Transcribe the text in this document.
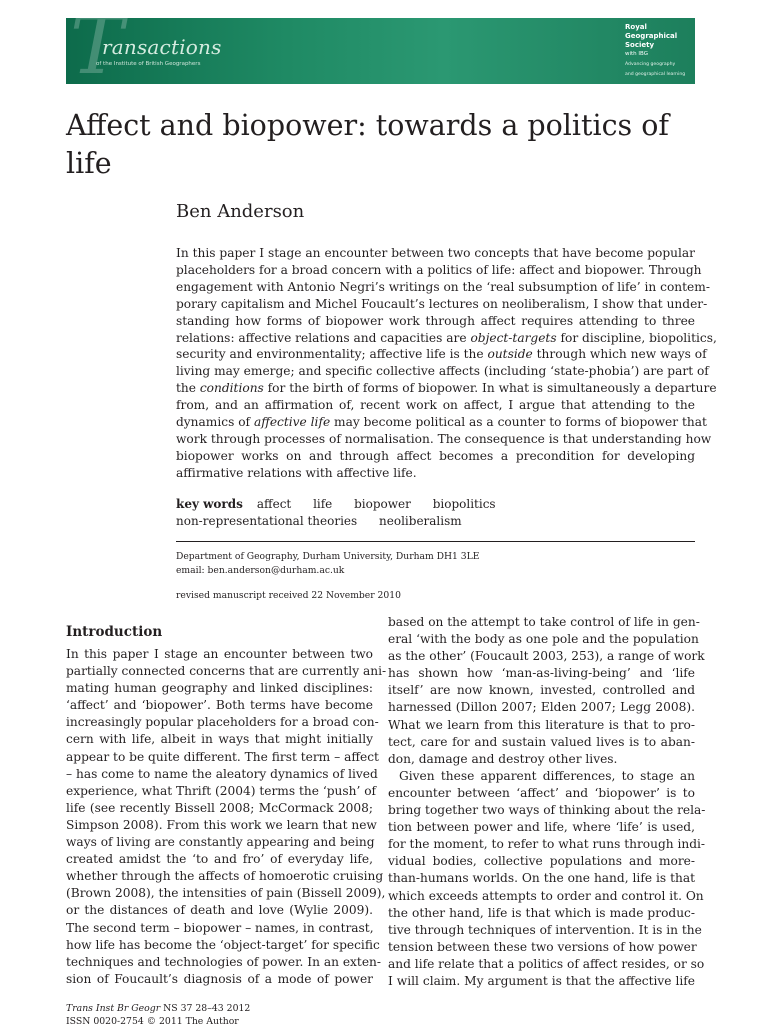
T
ransactions
of the Institute of British Geographers
Royal
Geographical
Society
with IBG
Advancing geography
and geographical learning
Affect and biopower: towards a politics of life
Ben Anderson
In this paper I stage an encounter between two concepts that have become popular
placeholders for a broad concern with a politics of life: affect and biopower. Through
engagement with Antonio Negri’s writings on the ‘real subsumption of life’ in contem-
porary capitalism and Michel Foucault’s lectures on neoliberalism, I show that under-
standing how forms of biopower work through affect requires attending to three
relations: affective relations and capacities are object-targets for discipline, biopolitics,
security and environmentality; affective life is the outside through which new ways of
living may emerge; and specific collective affects (including ‘state-phobia’) are part of
the conditions for the birth of forms of biopower. In what is simultaneously a departure
from, and an affirmation of, recent work on affect, I argue that attending to the
dynamics of affective life may become political as a counter to forms of biopower that
work through processes of normalisation. The consequence is that understanding how
biopower works on and through affect becomes a precondition for developing
affirmative relations with affective life.
key words affect life biopower biopolitics non-representational theories neoliberalism
Department of Geography, Durham University, Durham DH1 3LE
email: ben.anderson@durham.ac.uk
revised manuscript received 22 November 2010
Introduction
In this paper I stage an encounter between two
partially connected concerns that are currently ani-
mating human geography and linked disciplines:
‘affect’ and ‘biopower’. Both terms have become
increasingly popular placeholders for a broad con-
cern with life, albeit in ways that might initially
appear to be quite different. The first term – affect
– has come to name the aleatory dynamics of lived
experience, what Thrift (2004) terms the ‘push’ of
life (see recently Bissell 2008; McCormack 2008;
Simpson 2008). From this work we learn that new
ways of living are constantly appearing and being
created amidst the ‘to and fro’ of everyday life,
whether through the affects of homoerotic cruising
(Brown 2008), the intensities of pain (Bissell 2009),
or the distances of death and love (Wylie 2009).
The second term – biopower – names, in contrast,
how life has become the ‘object-target’ for specific
techniques and technologies of power. In an exten-
sion of Foucault’s diagnosis of a mode of power
based on the attempt to take control of life in gen-
eral ‘with the body as one pole and the population
as the other’ (Foucault 2003, 253), a range of work
has shown how ‘man-as-living-being’ and ‘life
itself’ are now known, invested, controlled and
harnessed (Dillon 2007; Elden 2007; Legg 2008).
What we learn from this literature is that to pro-
tect, care for and sustain valued lives is to aban-
don, damage and destroy other lives.
Given these apparent differences, to stage an
encounter between ‘affect’ and ‘biopower’ is to
bring together two ways of thinking about the rela-
tion between power and life, where ‘life’ is used,
for the moment, to refer to what runs through indi-
vidual bodies, collective populations and more-
than-humans worlds. On the one hand, life is that
which exceeds attempts to order and control it. On
the other hand, life is that which is made produc-
tive through techniques of intervention. It is in the
tension between these two versions of how power
and life relate that a politics of affect resides, or so
I will claim. My argument is that the affective life
Trans Inst Br Geogr NS 37 28–43 2012
ISSN 0020-2754 © 2011 The Author
